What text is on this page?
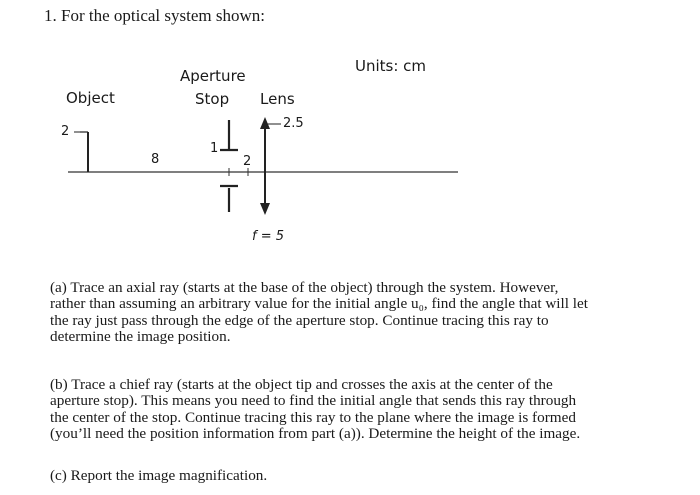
1. For the optical system shown:
Units: cm
Aperture
Stop
Object	Lens
2
8
1
2
2.5
f = 5
(a) Trace an axial ray (starts at the base of the object) through the system. However,
rather than assuming an arbitrary value for the initial angle u₀, find the angle that will let
the ray just pass through the edge of the aperture stop. Continue tracing this ray to
determine the image position.
(b) Trace a chief ray (starts at the object tip and crosses the axis at the center of the
aperture stop). This means you need to find the initial angle that sends this ray through
the center of the stop. Continue tracing this ray to the plane where the image is formed
(you’ll need the position information from part (a)). Determine the height of the image.
(c) Report the image magnification.
